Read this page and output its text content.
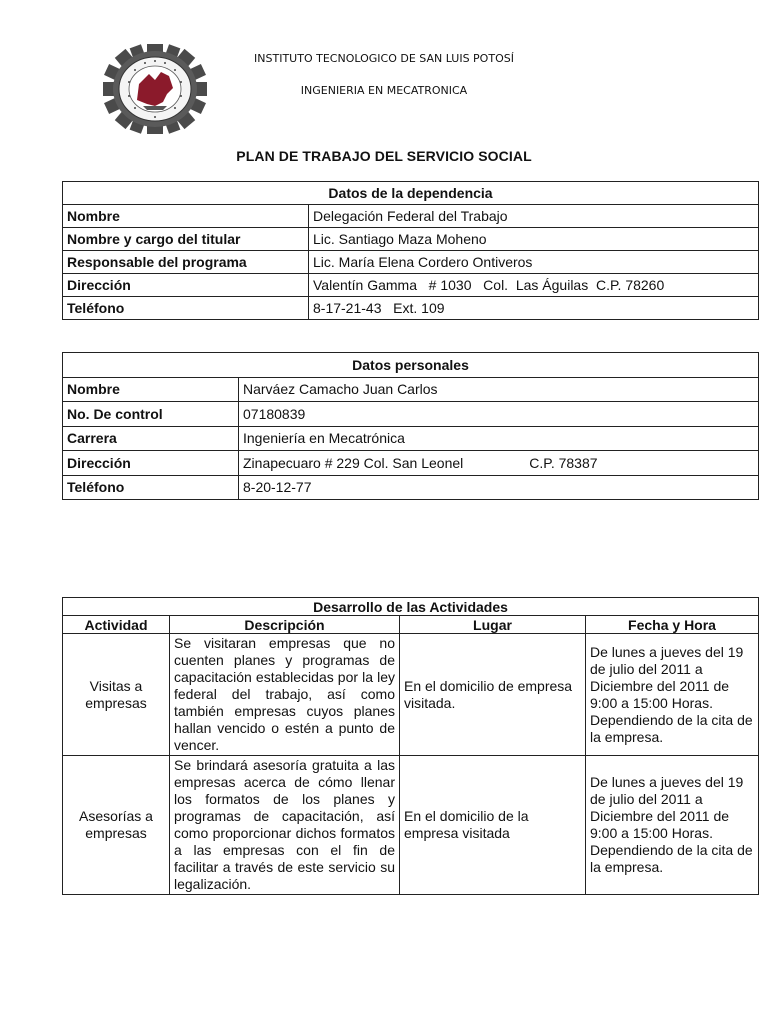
INSTITUTO TECNOLOGICO DE SAN LUIS POTOSÍ
INGENIERIA EN MECATRONICA
PLAN DE TRABAJO DEL SERVICIO SOCIAL
Datos de la dependencia	
Nombre	Delegación Federal del Trabajo
Nombre y cargo del titular	Lic. Santiago Maza Moheno
Responsable del programa	Lic. María Elena Cordero Ontiveros
Dirección	Valentín Gamma   # 1030   Col.  Las Águilas  C.P. 78260
Teléfono	8-17-21-43   Ext. 109
Datos personales	
Nombre	Narváez Camacho Juan Carlos
No. De control	07180839
Carrera	Ingeniería en Mecatrónica
Dirección	Zinapecuaro # 229 Col. San Leonel C.P. 78387
Teléfono	8-20-12-77
Desarrollo de las Actividades			
Actividad	Descripción	Lugar	Fecha y Hora
Visitas a empresas	Se visitaran empresas que no cuenten planes y programas de capacitación establecidas por la ley federal del trabajo, así como también empresas cuyos planes hallan vencido o estén a punto de vencer.	En el domicilio de empresa visitada.	De lunes a jueves del 19 de julio del 2011 a Diciembre del 2011 de 9:00 a 15:00 Horas. Dependiendo de la cita de la empresa.
Asesorías a empresas	Se brindará asesoría gratuita a las empresas acerca de cómo llenar los formatos de los planes y programas de capacitación, así como proporcionar dichos formatos a las empresas con el fin de facilitar a través de este servicio su legalización.	En el domicilio de la empresa visitada	De lunes a jueves del 19 de julio del 2011 a Diciembre del 2011 de 9:00 a 15:00 Horas. Dependiendo de la cita de la empresa.
